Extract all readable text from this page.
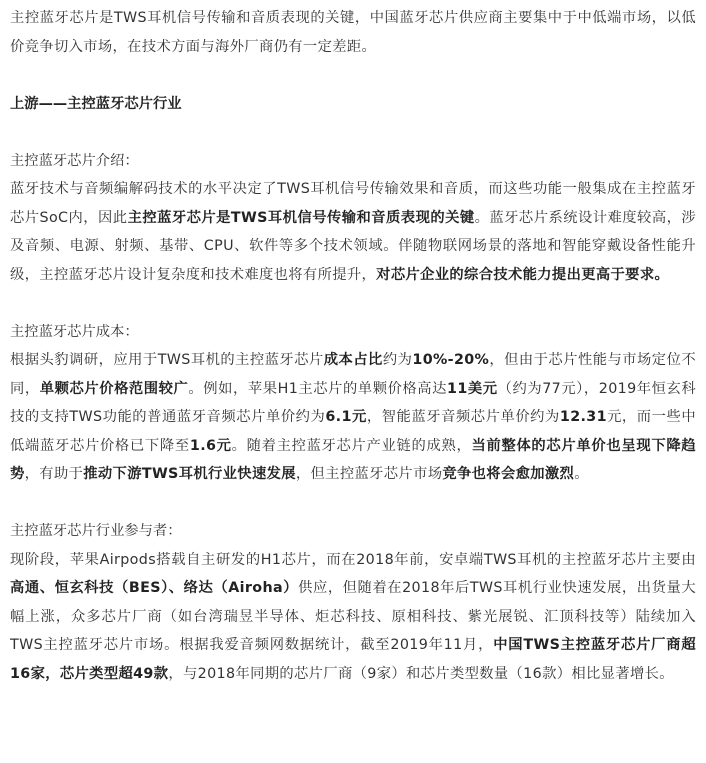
主控蓝牙芯片是TWS耳机信号传输和音质表现的关键，中国蓝牙芯片供应商主要集中于中低端市场，以低价竞争切入市场，在技术方面与海外厂商仍有一定差距。

上游——主控蓝牙芯片行业

主控蓝牙芯片介绍：

蓝牙技术与音频编解码技术的水平决定了TWS耳机信号传输效果和音质，而这些功能一般集成在主控蓝牙芯片SoC内，因此主控蓝牙芯片是TWS耳机信号传输和音质表现的关键。蓝牙芯片系统设计难度较高，涉及音频、电源、射频、基带、CPU、软件等多个技术领域。伴随物联网场景的落地和智能穿戴设备性能升级，主控蓝牙芯片设计复杂度和技术难度也将有所提升，对芯片企业的综合技术能力提出更高于要求。

主控蓝牙芯片成本：

根据头豹调研，应用于TWS耳机的主控蓝牙芯片成本占比约为10%-20%，但由于芯片性能与市场定位不同，单颗芯片价格范围较广。例如，苹果H1主芯片的单颗价格高达11美元（约为77元），2019年恒玄科技的支持TWS功能的普通蓝牙音频芯片单价约为6.1元，智能蓝牙音频芯片单价约为12.31元，而一些中低端蓝牙芯片价格已下降至1.6元。随着主控蓝牙芯片产业链的成熟，当前整体的芯片单价也呈现下降趋势，有助于推动下游TWS耳机行业快速发展，但主控蓝牙芯片市场竞争也将会愈加激烈。

主控蓝牙芯片行业参与者：

现阶段，苹果Airpods搭载自主研发的H1芯片，而在2018年前，安卓端TWS耳机的主控蓝牙芯片主要由高通、恒玄科技（BES）、络达（Airoha）供应，但随着在2018年后TWS耳机行业快速发展，出货量大幅上涨，众多芯片厂商（如台湾瑞昱半导体、炬芯科技、原相科技、紫光展锐、汇顶科技等）陆续加入TWS主控蓝牙芯片市场。根据我爱音频网数据统计，截至2019年11月，中国TWS主控蓝牙芯片厂商超16家，芯片类型超49款，与2018年同期的芯片厂商（9家）和芯片类型数量（16款）相比显著增长。
